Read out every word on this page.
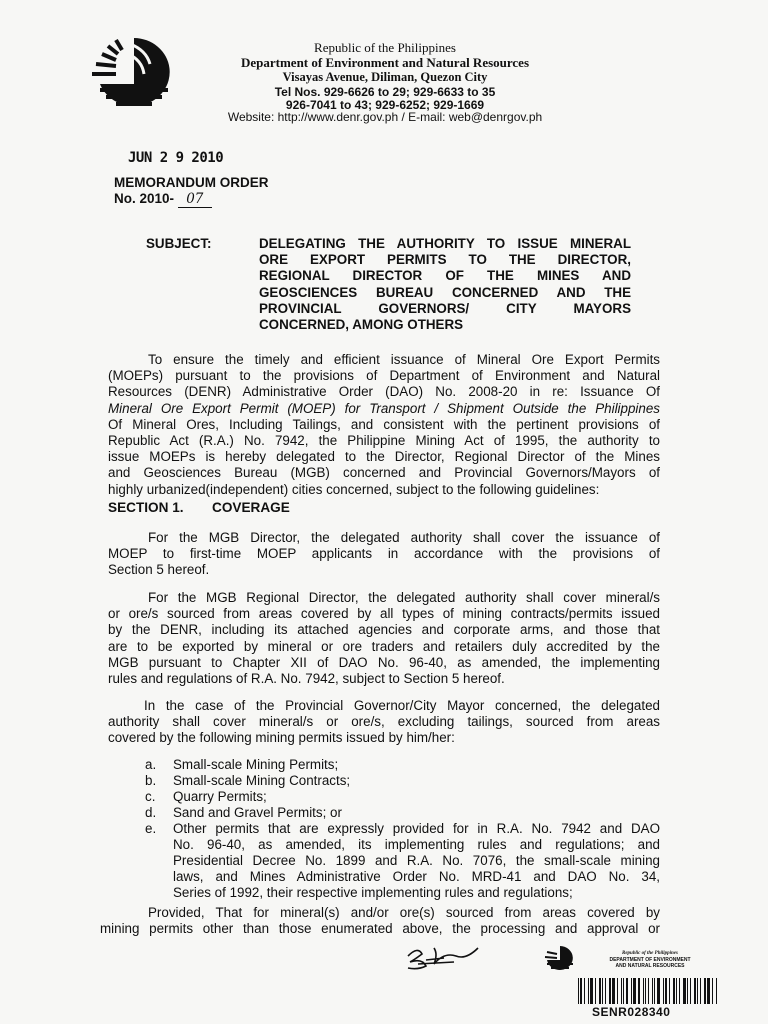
Republic of the Philippines
Department of Environment and Natural Resources
Visayas Avenue, Diliman, Quezon City
Tel Nos. 929-6626 to 29; 929-6633 to 35
926-7041 to 43; 929-6252; 929-1669
Website: http://www.denr.gov.ph / E-mail: web@denrgov.ph
JUN 2 9 2010
MEMORANDUM ORDER
No. 2010- 07
SUBJECT:	DELEGATING THE AUTHORITY TO ISSUE MINERAL
ORE EXPORT PERMITS TO THE DIRECTOR,
REGIONAL DIRECTOR OF THE MINES AND
GEOSCIENCES BUREAU CONCERNED AND THE
PROVINCIAL GOVERNORS/ CITY MAYORS
CONCERNED, AMONG OTHERS
To ensure the timely and efficient issuance of Mineral Ore Export Permits
(MOEPs) pursuant to the provisions of Department of Environment and Natural
Resources (DENR) Administrative Order (DAO) No. 2008-20 in re: Issuance Of
Mineral Ore Export Permit (MOEP) for Transport / Shipment Outside the Philippines
Of Mineral Ores, Including Tailings, and consistent with the pertinent provisions of
Republic Act (R.A.) No. 7942, the Philippine Mining Act of 1995, the authority to
issue MOEPs is hereby delegated to the Director, Regional Director of the Mines
and Geosciences Bureau (MGB) concerned and Provincial Governors/Mayors of
highly urbanized(independent) cities concerned, subject to the following guidelines:
SECTION 1. COVERAGE
For the MGB Director, the delegated authority shall cover the issuance of
MOEP to first-time MOEP applicants in accordance with the provisions of
Section 5 hereof.
For the MGB Regional Director, the delegated authority shall cover mineral/s
or ore/s sourced from areas covered by all types of mining contracts/permits issued
by the DENR, including its attached agencies and corporate arms, and those that
are to be exported by mineral or ore traders and retailers duly accredited by the
MGB pursuant to Chapter XII of DAO No. 96-40, as amended, the implementing
rules and regulations of R.A. No. 7942, subject to Section 5 hereof.
In the case of the Provincial Governor/City Mayor concerned, the delegated
authority shall cover mineral/s or ore/s, excluding tailings, sourced from areas
covered by the following mining permits issued by him/her:
a.	Small-scale Mining Permits;
b.	Small-scale Mining Contracts;
c.	Quarry Permits;
d.	Sand and Gravel Permits; or
e.	Other permits that are expressly provided for in R.A. No. 7942 and DAO
No. 96-40, as amended, its implementing rules and regulations; and
Presidential Decree No. 1899 and R.A. No. 7076, the small-scale mining
laws, and Mines Administrative Order No. MRD-41 and DAO No. 34,
Series of 1992, their respective implementing rules and regulations;
Provided, That for mineral(s) and/or ore(s) sourced from areas covered by
mining permits other than those enumerated above, the processing and approval or
Republic of the Philippines
DEPARTMENT OF ENVIRONMENT
AND NATURAL RESOURCES
SENR028340
